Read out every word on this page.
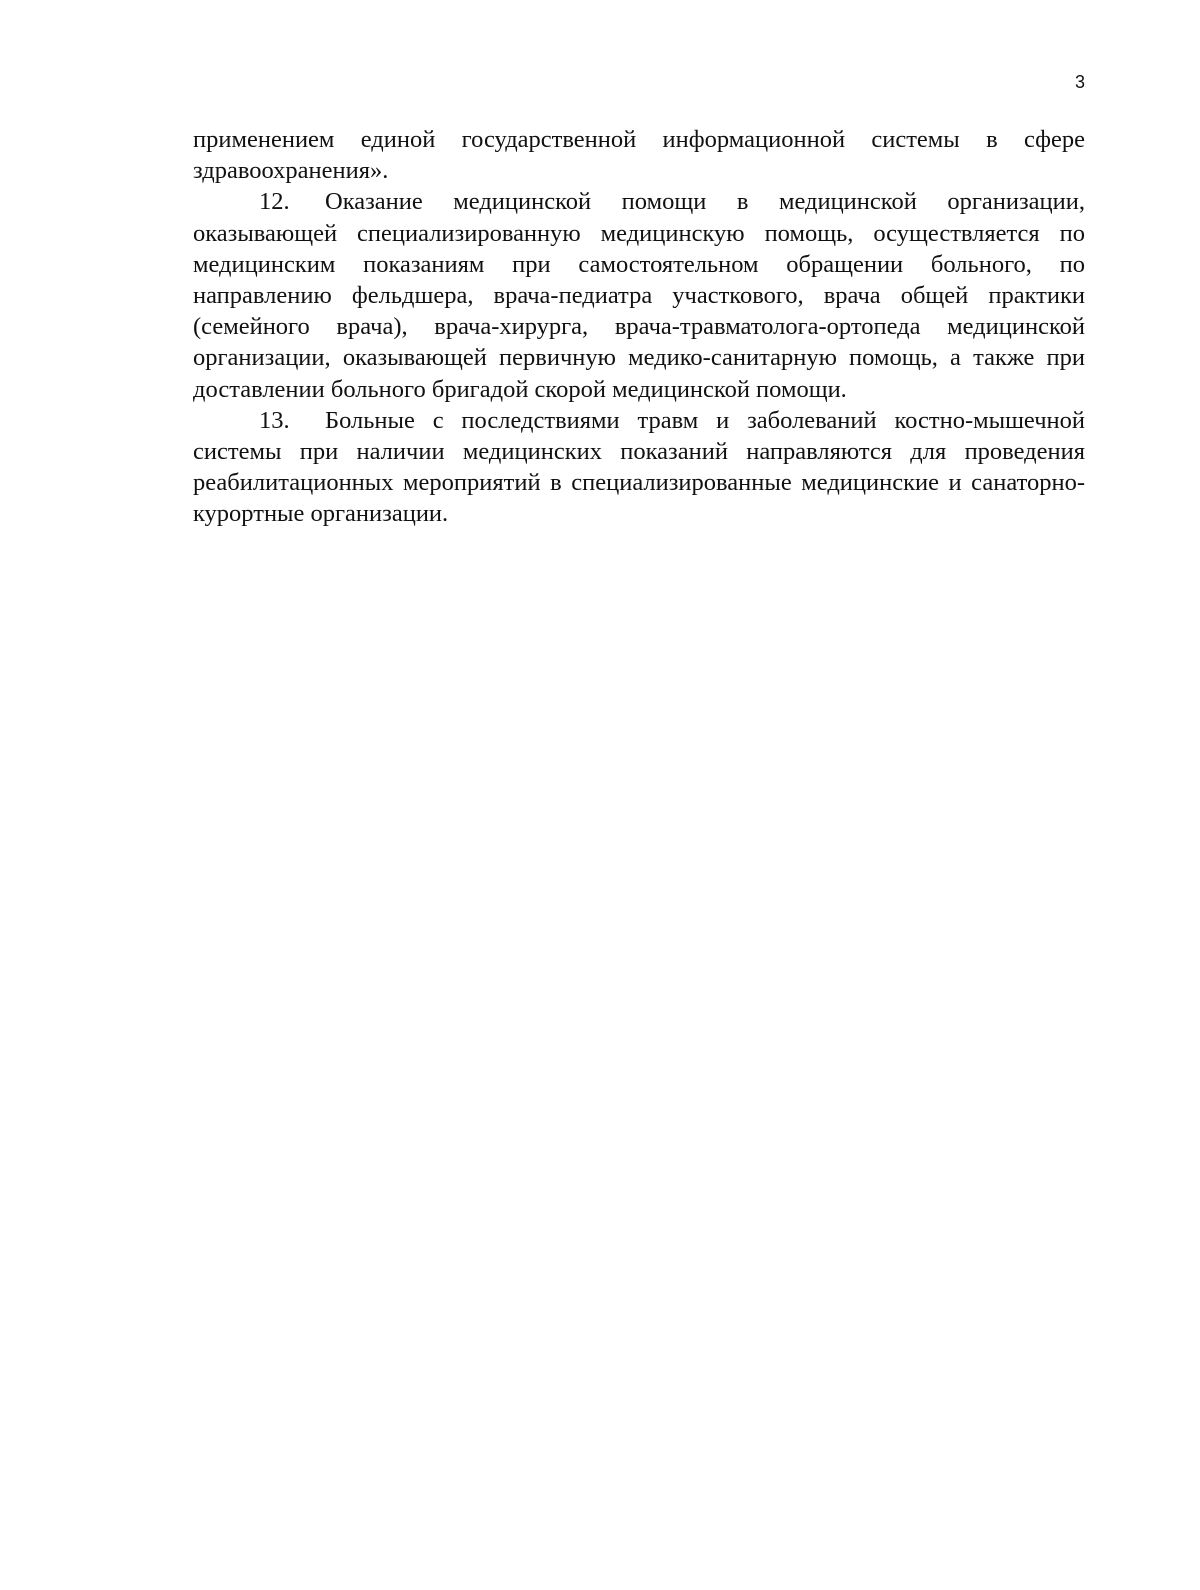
3

применением единой государственной информационной системы в сфере здравоохранения».

12. Оказание медицинской помощи в медицинской организации, оказывающей специализированную медицинскую помощь, осуществляется по медицинским показаниям при самостоятельном обращении больного, по направлению фельдшера, врача-педиатра участкового, врача общей практики (семейного врача), врача-хирурга, врача-травматолога-ортопеда медицинской организации, оказывающей первичную медико-санитарную помощь, а также при доставлении больного бригадой скорой медицинской помощи.

13. Больные с последствиями травм и заболеваний костно-мышечной системы при наличии медицинских показаний направляются для проведения реабилитационных мероприятий в специализированные медицинские и санаторно-курортные организации.
